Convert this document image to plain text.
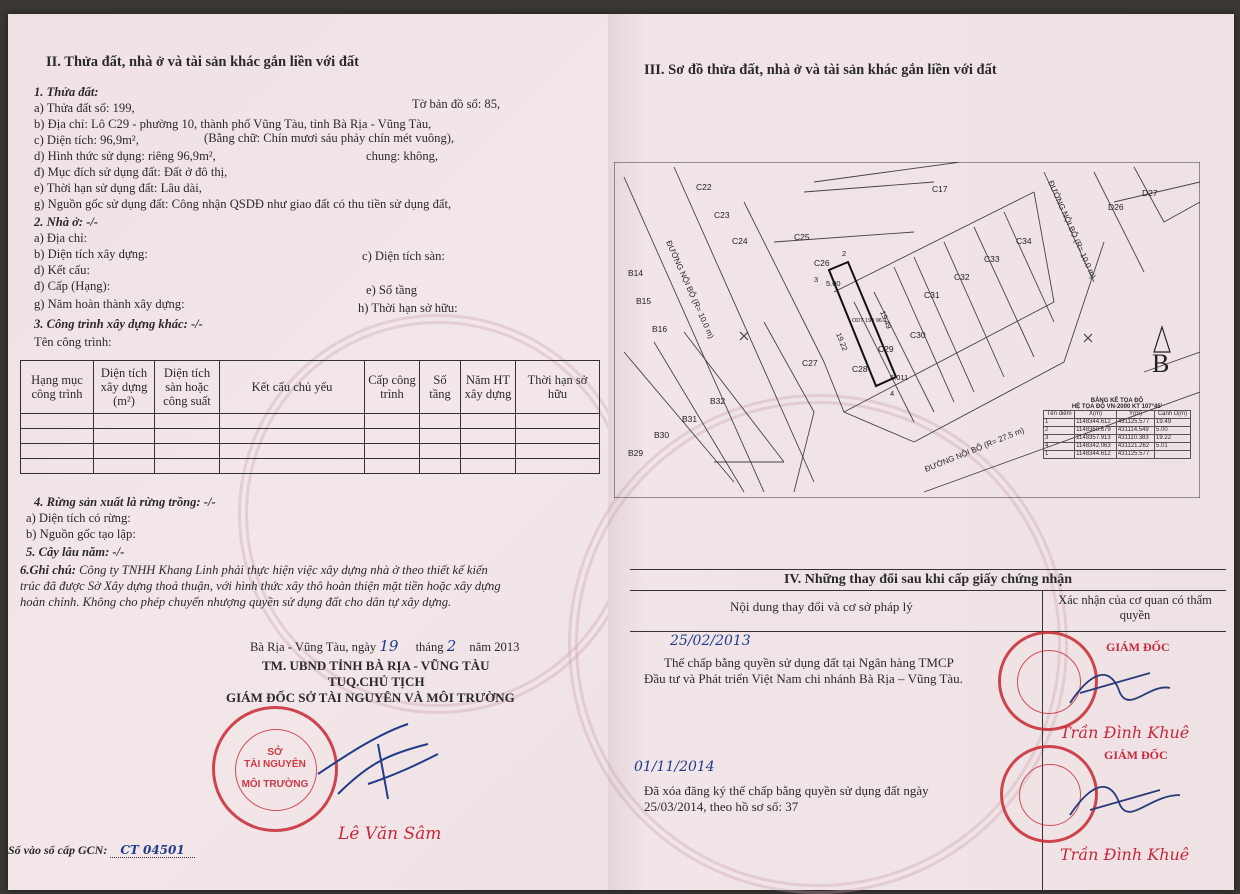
II. Thửa đất, nhà ở và tài sản khác gắn liền với đất
1. Thửa đất:
a) Thửa đất số: 199,	Tờ bản đồ số: 85,
b) Địa chỉ: Lô C29 - phường 10, thành phố Vũng Tàu, tỉnh Bà Rịa - Vũng Tàu,
c) Diện tích: 96,9m²,	(Bằng chữ: Chín mươi sáu phảy chín mét vuông),
d) Hình thức sử dụng: riêng 96,9m²,	chung: không,
đ) Mục đích sử dụng đất: Đất ở đô thị,
e) Thời hạn sử dụng đất: Lâu dài,
g) Nguồn gốc sử dụng đất: Công nhận QSDĐ như giao đất có thu tiền sử dụng đất,
2. Nhà ở: -/-
a) Địa chỉ:
b) Diện tích xây dựng:	c) Diện tích sàn:
d) Kết cấu:
đ) Cấp (Hạng):	e) Số tầng
g) Năm hoàn thành xây dựng:	h) Thời hạn sở hữu:
3. Công trình xây dựng khác: -/-
Tên công trình:
Hạng mục công trình	Diện tích xây dựng (m²)	Diện tích sàn hoặc công suất	Kết cấu chủ yếu	Cấp công trình	Số tầng	Năm HT xây dựng	Thời hạn sở hữu

4. Rừng sản xuất là rừng trồng: -/-
a) Diện tích có rừng:
b) Nguồn gốc tạo lập:
5. Cây lâu năm: -/-
6.Ghi chú: Công ty TNHH Khang Linh phải thực hiện việc xây dựng nhà ở theo thiết kế kiến
trúc đã được Sở Xây dựng thoả thuận, với hình thức xây thô hoàn thiện mặt tiền hoặc xây dựng
hoàn chỉnh. Không cho phép chuyển nhượng quyền sử dụng đất cho dân tự xây dựng.
Bà Rịa - Vũng Tàu, ngày 19 tháng 2 năm 2013
TM. UBND TỈNH BÀ RỊA - VŨNG TÀU
TUQ.CHỦ TỊCH
GIÁM ĐỐC SỞ TÀI NGUYÊN VÀ MÔI TRƯỜNG
SỞ
TÀI NGUYÊN
MÔI TRƯỜNG
Lê Văn Sâm
Số vào sổ cấp GCN: CT 04501
III. Sơ đồ thửa đất, nhà ở và tài sản khác gắn liền với đất
C22
C23
C24	C25
C26
C17
C34
C33
C32
C31
C30
C29
C28
C27
D26
D27
B14
B15
B16
B32
B31
B30
B29
5.00
19.49
19.22
5.01
ODT 199 96.9
ĐƯỜNG NỘI BỘ (R= 10.0 m)
ĐƯỜNG NỘI BỘ (R= 10.0 m)
ĐƯỜNG NỘI BỘ (R= 27.5 m)
2
3
1
4
B
BẢNG KÊ TỌA ĐỘ
HỆ TỌA ĐỘ VN-2000 KT 107°45'
Tên điểm	X(m)	Y(m)	Cạnh D(m)
1	1148344.612	431125.577	19.49
2	1148360.679	431114.549	5.00
3	1148357.913	431110.383	19.22
4	1148342.063	431121.262	5.01
1	1148344.612	431125.577	
IV. Những thay đổi sau khi cấp giấy chứng nhận
Nội dung thay đổi và cơ sở pháp lý	Xác nhận của cơ quan có thẩm quyền
25/02/2013
Thế chấp bằng quyền sử dụng đất tại Ngân hàng TMCP
Đầu tư và Phát triển Việt Nam chi nhánh Bà Rịa – Vũng Tàu.
GIÁM ĐỐC
Trần Đình Khuê
01/11/2014
Đã xóa đăng ký thế chấp bằng quyền sử dụng đất ngày
25/03/2014, theo hồ sơ số: 37
GIÁM ĐỐC
Trần Đình Khuê
